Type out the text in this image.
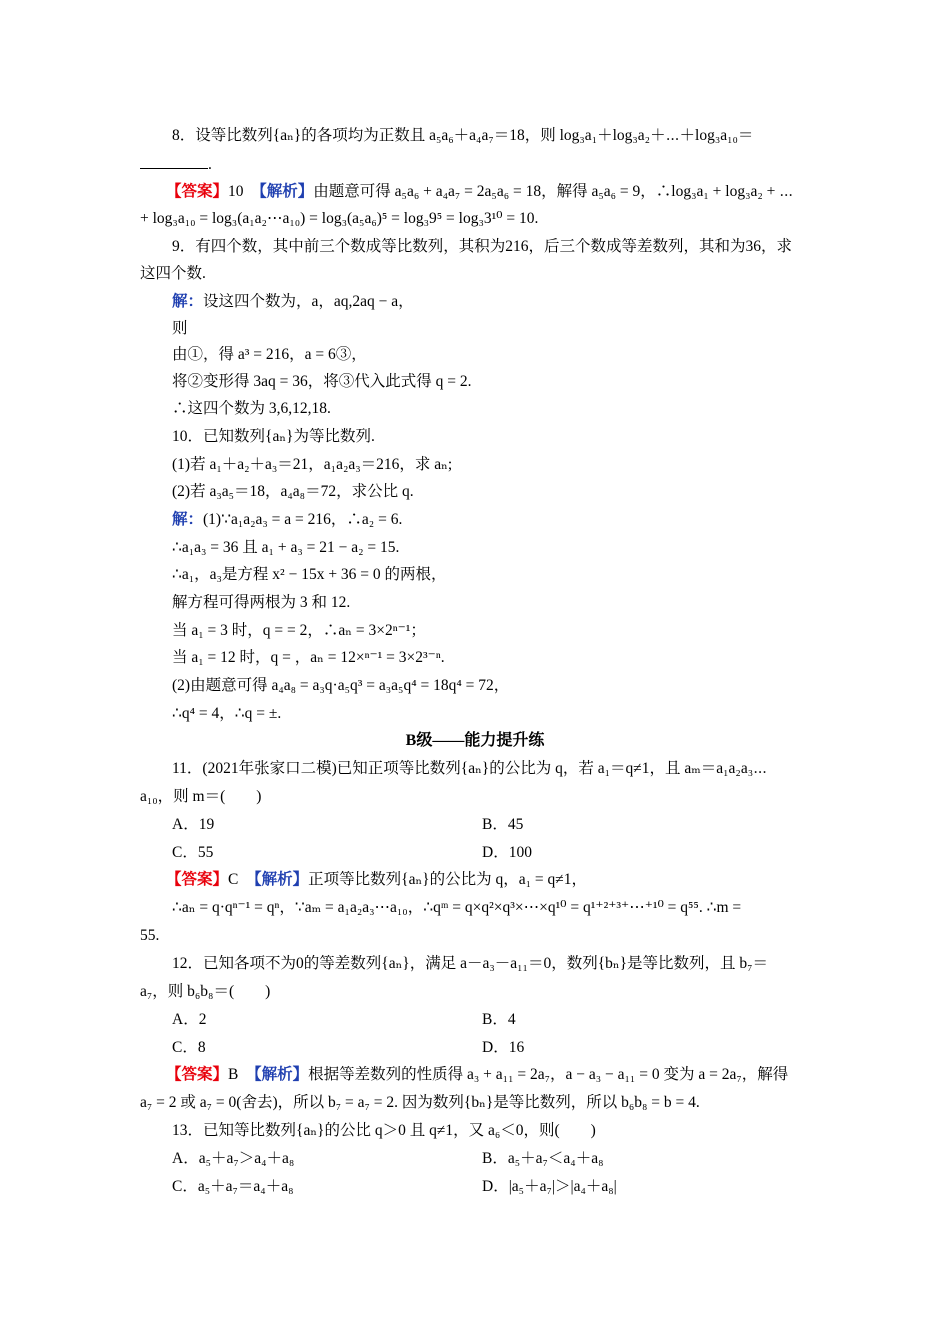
8．设等比数列{aₙ}的各项均为正数且 a₅a₆＋a₄a₇＝18，则 log₃a₁＋log₃a₂＋⋯＋log₃a₁₀＝
.
【答案】10　 【解析】由题意可得 a₅a₆ + a₄a₇ = 2a₅a₆ = 18，解得 a₅a₆ = 9，∴log₃a₁ + log₃a₂ + ⋯
+ log₃a₁₀ = log₃(a₁a₂⋯a₁₀) = log₃(a₅a₆)⁵ = log₃9⁵ = log₃3¹⁰ = 10.
9．有四个数，其中前三个数成等比数列，其积为216，后三个数成等差数列，其和为36，求
这四个数.
解：设这四个数为，a，aq,2aq − a，
则
由①，得 a³ = 216，a = 6③，
将②变形得 3aq = 36，将③代入此式得 q = 2.
∴这四个数为 3,6,12,18.
10．已知数列{aₙ}为等比数列.
(1)若 a₁＋a₂＋a₃＝21，a₁a₂a₃＝216，求 aₙ;
(2)若 a₃a₅＝18，a₄a₈＝72，求公比 q.
解：(1)∵a₁a₂a₃ = a = 216，∴a₂ = 6.
∴a₁a₃ = 36 且 a₁ + a₃ = 21 − a₂ = 15.
∴a₁，a₃是方程 x² − 15x + 36 = 0 的两根，
解方程可得两根为 3 和 12.
当 a₁ = 3 时，q = = 2，∴aₙ = 3×2ⁿ⁻¹；
当 a₁ = 12 时，q = ，aₙ = 12×ⁿ⁻¹ = 3×2³⁻ⁿ.
(2)由题意可得 a₄a₈ = a₃q·a₅q³ = a₃a₅q⁴ = 18q⁴ = 72，
∴q⁴ = 4，∴q = ±.
B级——能力提升练
11．(2021年张家口二模)已知正项等比数列{aₙ}的公比为 q，若 a₁＝q≠1，且 aₘ＝a₁a₂a₃⋯
a₁₀，则 m＝(　　)
A．19	B．45
C．55	D．100
【答案】C　 【解析】正项等比数列{aₙ}的公比为 q，a₁ = q≠1，
∴aₙ = q·qⁿ⁻¹ = qⁿ，∵aₘ = a₁a₂a₃⋯a₁₀，∴qᵐ = q×q²×q³×⋯×q¹⁰ = q¹⁺²⁺³⁺⋯⁺¹⁰ = q⁵⁵. ∴m =
55.
12．已知各项不为0的等差数列{aₙ}，满足 a－a₃－a₁₁＝0，数列{bₙ}是等比数列，且 b₇＝
a₇，则 b₆b₈＝(　　)
A．2	B．4
C．8	D．16
【答案】B　 【解析】根据等差数列的性质得 a₃ + a₁₁ = 2a₇，a − a₃ − a₁₁ = 0 变为 a = 2a₇，解得
a₇ = 2 或 a₇ = 0(舍去)，所以 b₇ = a₇ = 2. 因为数列{bₙ}是等比数列，所以 b₆b₈ = b = 4.
13．已知等比数列{aₙ}的公比 q＞0 且 q≠1，又 a₆＜0，则(　　)
A．a₅＋a₇＞a₄＋a₈	B．a₅＋a₇＜a₄＋a₈
C．a₅＋a₇＝a₄＋a₈	D．|a₅＋a₇|＞|a₄＋a₈|
